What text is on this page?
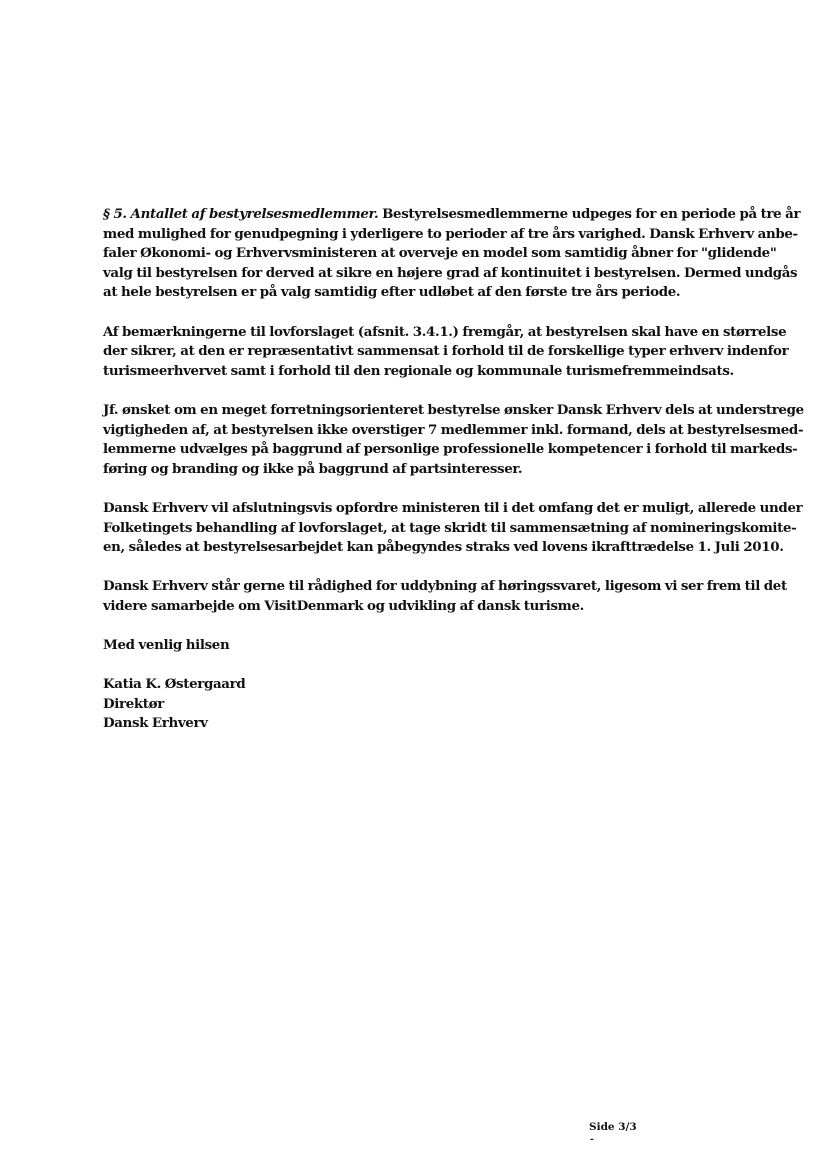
§ 5. Antallet af bestyrelsesmedlemmer. Bestyrelsesmedlemmerne udpeges for en periode på tre år
med mulighed for genudpegning i yderligere to perioder af tre års varighed. Dansk Erhverv anbe-
faler Økonomi- og Erhvervsministeren at overveje en model som samtidig åbner for "glidende"
valg til bestyrelsen for derved at sikre en højere grad af kontinuitet i bestyrelsen. Dermed undgås
at hele bestyrelsen er på valg samtidig efter udløbet af den første tre års periode.
Af bemærkningerne til lovforslaget (afsnit. 3.4.1.) fremgår, at bestyrelsen skal have en størrelse
der sikrer, at den er repræsentativt sammensat i forhold til de forskellige typer erhverv indenfor
turismeerhvervet samt i forhold til den regionale og kommunale turismefremmeindsats.
Jf. ønsket om en meget forretningsorienteret bestyrelse ønsker Dansk Erhverv dels at understrege
vigtigheden af, at bestyrelsen ikke overstiger 7 medlemmer inkl. formand, dels at bestyrelsesmed-
lemmerne udvælges på baggrund af personlige professionelle kompetencer i forhold til markeds-
føring og branding og ikke på baggrund af partsinteresser.
Dansk Erhverv vil afslutningsvis opfordre ministeren til i det omfang det er muligt, allerede under
Folketingets behandling af lovforslaget, at tage skridt til sammensætning af nomineringskomite-
en, således at bestyrelsesarbejdet kan påbegyndes straks ved lovens ikrafttrædelse 1. Juli 2010.
Dansk Erhverv står gerne til rådighed for uddybning af høringssvaret, ligesom vi ser frem til det
videre samarbejde om VisitDenmark og udvikling af dansk turisme.
Med venlig hilsen
Katia K. Østergaard
Direktør
Dansk Erhverv
Side 3/3
-
